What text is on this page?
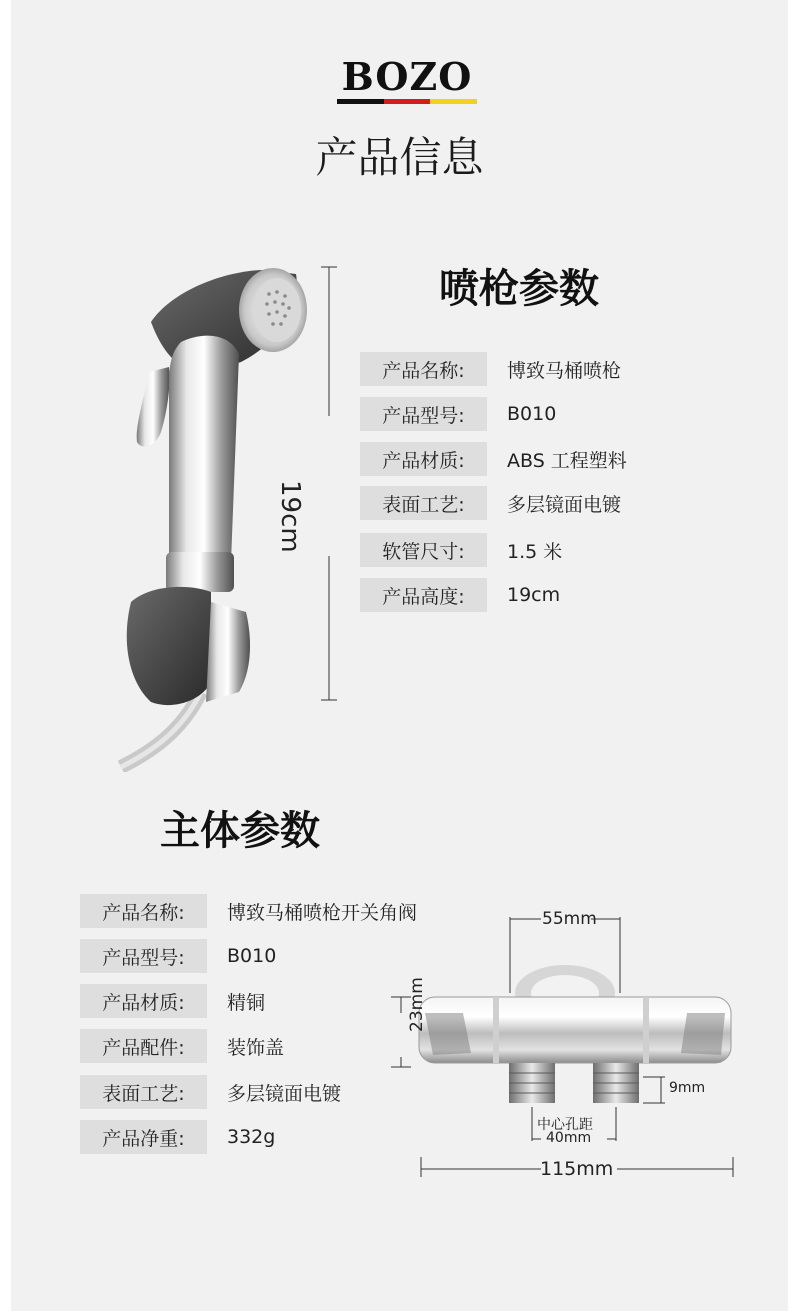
BOZO
产品信息
19cm
喷枪参数
产品名称:	博致马桶喷枪
产品型号:	B010
产品材质:	ABS 工程塑料
表面工艺:	多层镜面电镀
软管尺寸:	1.5 米
产品高度:	19cm
主体参数
产品名称:	博致马桶喷枪开关角阀
产品型号:	B010
产品材质:	精铜
产品配件:	装饰盖
表面工艺:	多层镜面电镀
产品净重:	332g
55mm
23mm
9mm
中心孔距
40mm
115mm
